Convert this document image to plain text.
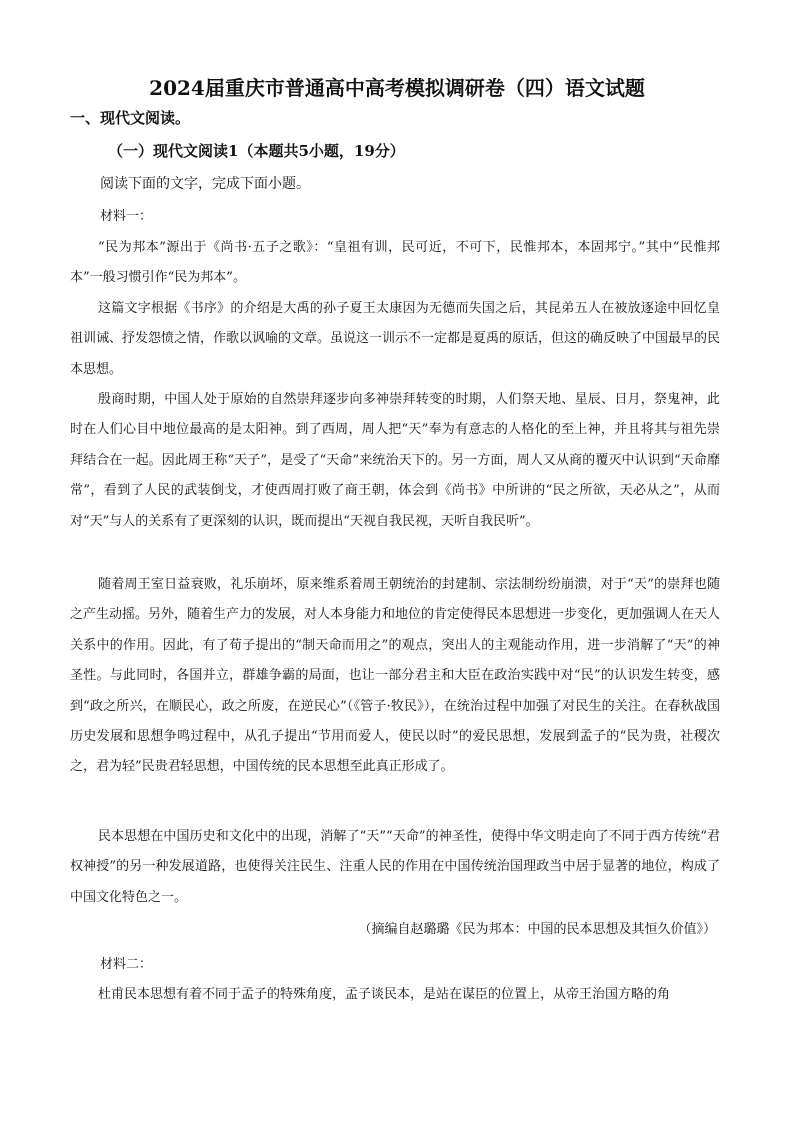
2024届重庆市普通高中高考模拟调研卷（四）语文试题
一、现代文阅读。
（一）现代文阅读1（本题共5小题，19分）
阅读下面的文字，完成下面小题。
材料一：

“民为邦本”源出于《尚书·五子之歌》：“皇祖有训，民可近，不可下，民惟邦本，本固邦宁。”其中“民惟邦本”一般习惯引作“民为邦本”。

这篇文字根据《书序》的介绍是大禹的孙子夏王太康因为无德而失国之后，其昆弟五人在被放逐途中回忆皇祖训诫、抒发怨愤之情，作歌以讽喻的文章。虽说这一训示不一定都是夏禹的原话，但这的确反映了中国最早的民本思想。

殷商时期，中国人处于原始的自然崇拜逐步向多神崇拜转变的时期，人们祭天地、星辰、日月，祭鬼神，此时在人们心目中地位最高的是太阳神。到了西周，周人把“天”奉为有意志的人格化的至上神，并且将其与祖先崇拜结合在一起。因此周王称“天子”，是受了“天命”来统治天下的。另一方面，周人又从商的覆灭中认识到“天命靡常”，看到了人民的武装倒戈，才使西周打败了商王朝，体会到《尚书》中所讲的“民之所欲，天必从之”，从而对“天”与人的关系有了更深刻的认识，既而提出“天视自我民视，天听自我民听”。

随着周王室日益衰败，礼乐崩坏，原来维系着周王朝统治的封建制、宗法制纷纷崩溃，对于“天”的崇拜也随之产生动摇。另外，随着生产力的发展，对人本身能力和地位的肯定使得民本思想进一步变化，更加强调人在天人关系中的作用。因此，有了荀子提出的“制天命而用之”的观点，突出人的主观能动作用，进一步消解了“天”的神圣性。与此同时，各国并立，群雄争霸的局面，也让一部分君主和大臣在政治实践中对“民”的认识发生转变，感到“政之所兴，在顺民心，政之所废，在逆民心”（《管子·牧民》），在统治过程中加强了对民生的关注。在春秋战国历史发展和思想争鸣过程中，从孔子提出“节用而爱人，使民以时”的爱民思想，发展到孟子的“民为贵，社稷次之，君为轻”民贵君轻思想，中国传统的民本思想至此真正形成了。

民本思想在中国历史和文化中的出现，消解了“天”“天命”的神圣性，使得中华文明走向了不同于西方传统“君权神授”的另一种发展道路，也使得关注民生、注重人民的作用在中国传统治国理政当中居于显著的地位，构成了中国文化特色之一。

（摘编自赵璐璐《民为邦本：中国的民本思想及其恒久价值》）
材料二：

杜甫民本思想有着不同于孟子的特殊角度，孟子谈民本，是站在谋臣的位置上，从帝王治国方略的角
